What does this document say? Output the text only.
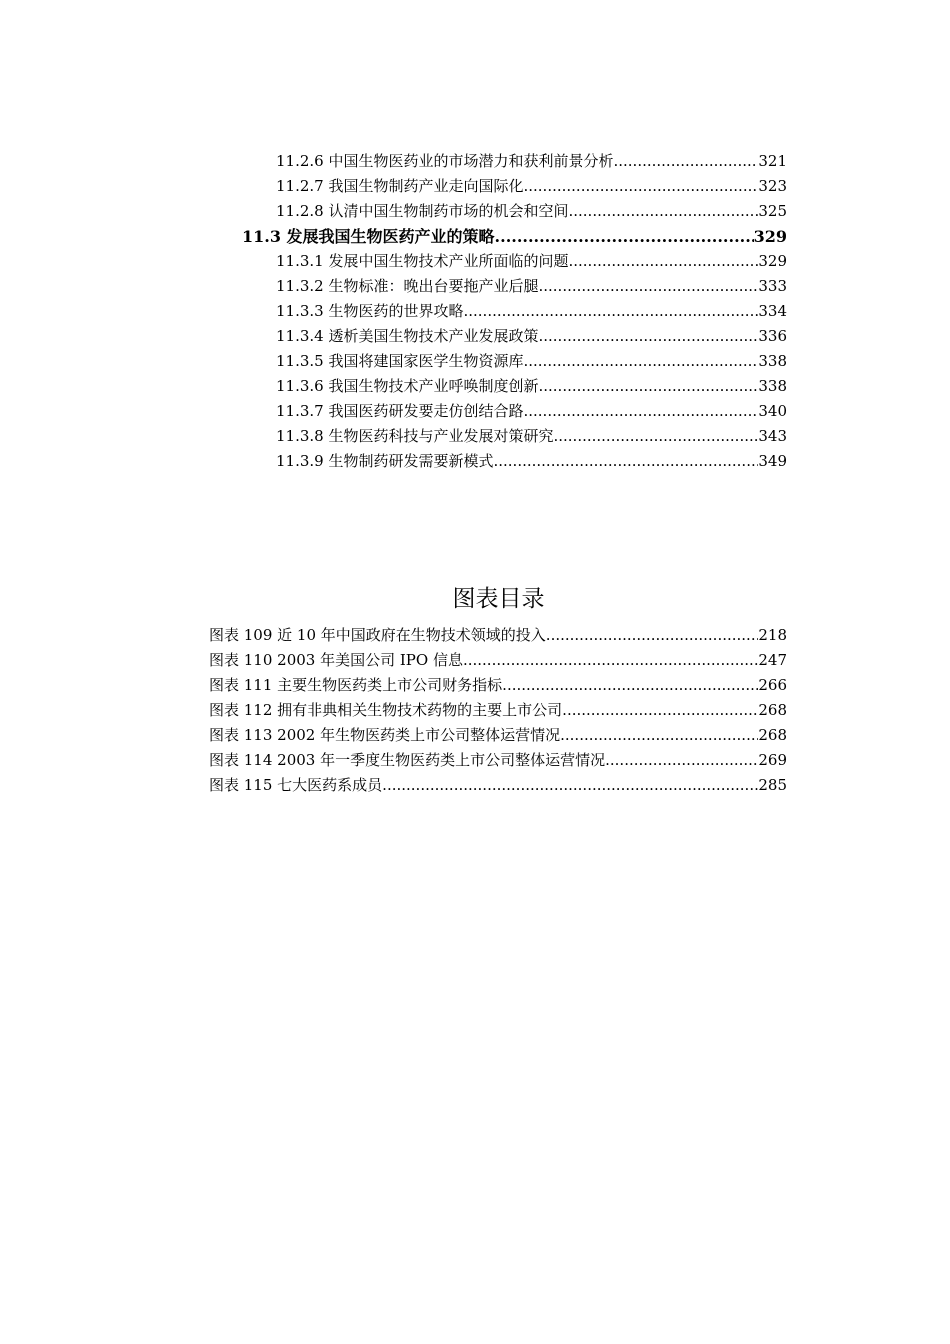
11.2.6 中国生物医药业的市场潜力和获利前景分析 .....	321
11.2.7 我国生物制药产业走向国际化 .....	323
11.2.8 认清中国生物制药市场的机会和空间 .....	325
11.3 发展我国生物医药产业的策略 .....	329
11.3.1 发展中国生物技术产业所面临的问题 .....	329
11.3.2 生物标准：晚出台要拖产业后腿 .....	333
11.3.3 生物医药的世界攻略 .....	334
11.3.4 透析美国生物技术产业发展政策 .....	336
11.3.5 我国将建国家医学生物资源库 .....	338
11.3.6 我国生物技术产业呼唤制度创新 .....	338
11.3.7 我国医药研发要走仿创结合路 .....	340
11.3.8 生物医药科技与产业发展对策研究 .....	343
11.3.9 生物制药研发需要新模式 .....	349
图表目录
图表 109 近 10 年中国政府在生物技术领域的投入 .....	218
图表 110 2003 年美国公司 IPO 信息 .....	247
图表 111 主要生物医药类上市公司财务指标 .....	266
图表 112 拥有非典相关生物技术药物的主要上市公司 .....	268
图表 113 2002 年生物医药类上市公司整体运营情况 .....	268
图表 114 2003 年一季度生物医药类上市公司整体运营情况 .....	269
图表 115 七大医药系成员 .....	285
